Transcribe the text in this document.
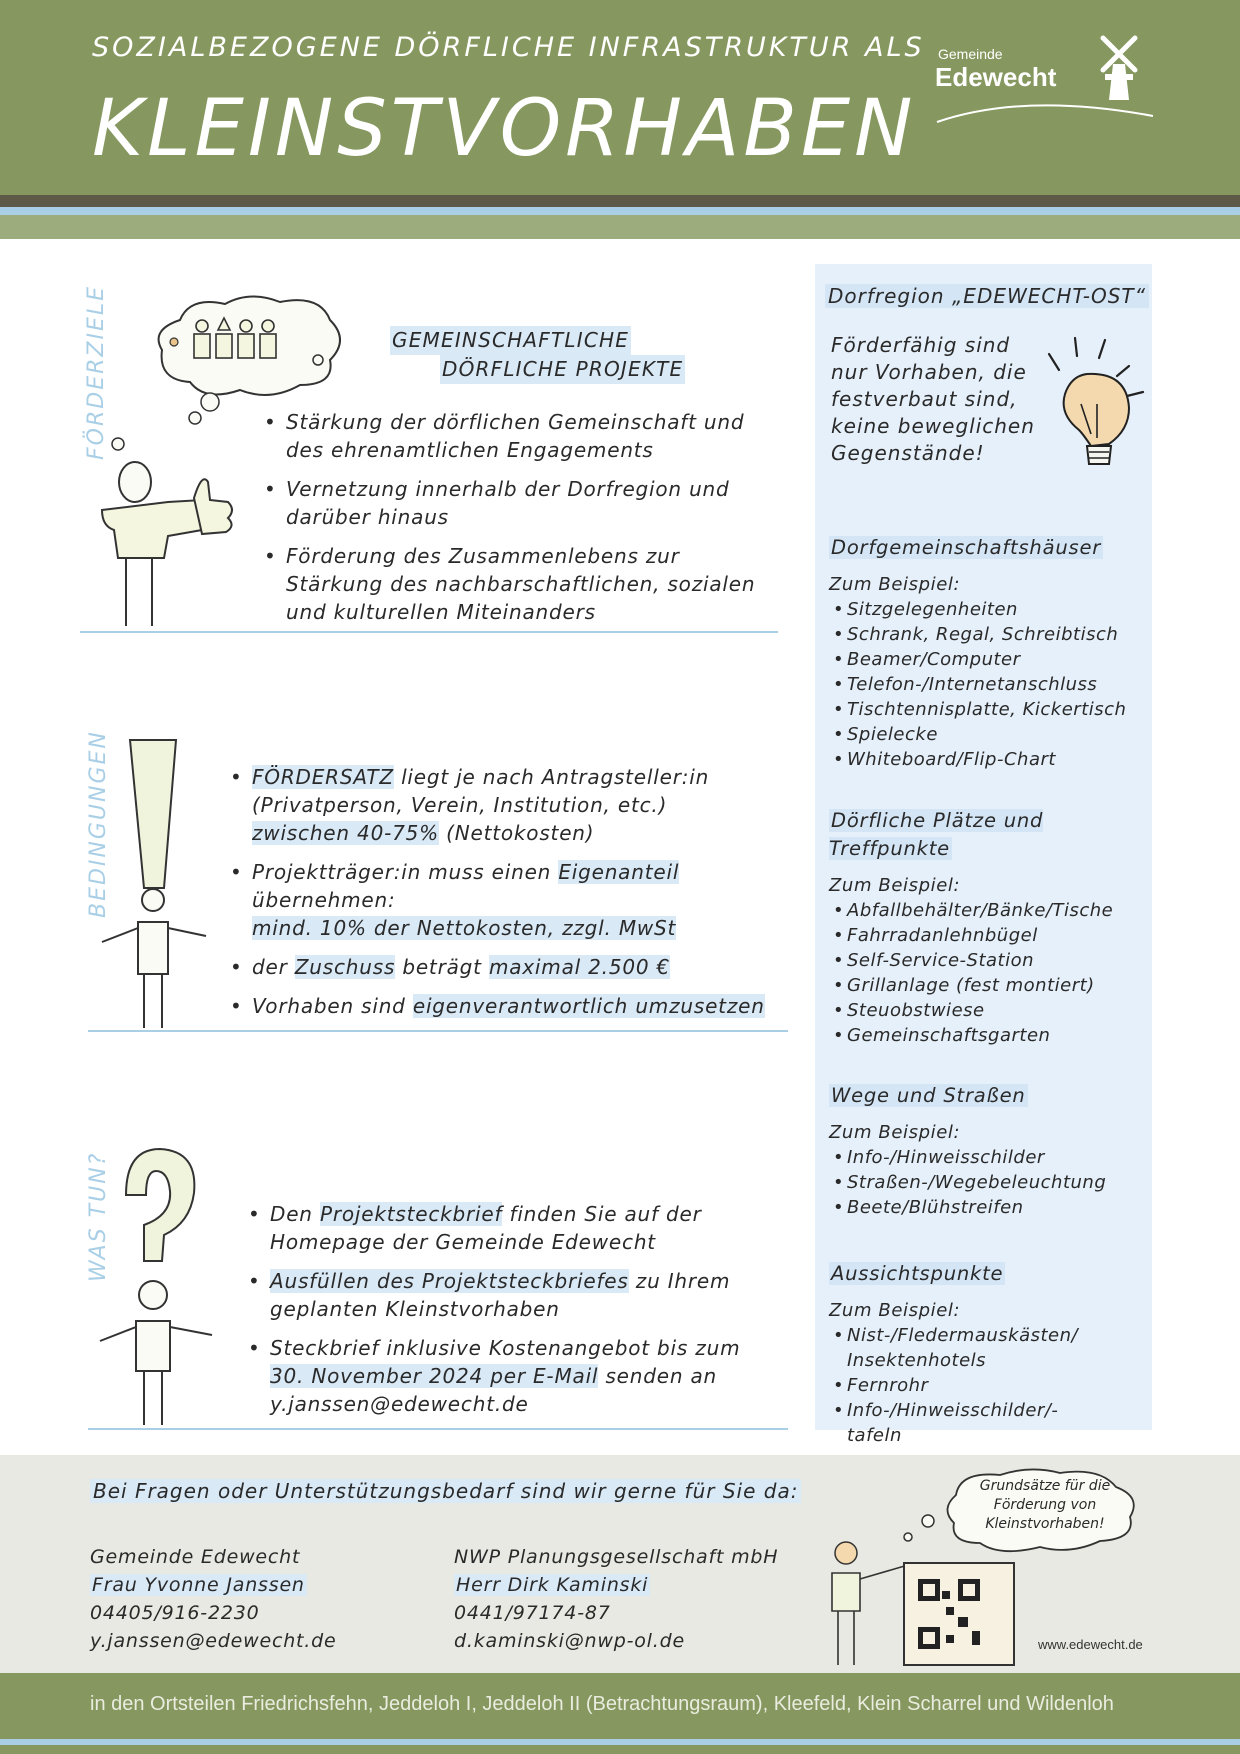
SOZIALBEZOGENE DÖRFLICHE INFRASTRUKTUR ALS
KLEINSTVORHABEN
Gemeinde
Edewecht
FÖRDERZIELE	GEMEINSCHAFTLICHE
DÖRFLICHE PROJEKTE
• Stärkung der dörflichen Gemeinschaft und des ehrenamtlichen Engagements
• Vernetzung innerhalb der Dorfregion und darüber hinaus
• Förderung des Zusammenlebens zur Stärkung des nachbarschaftlichen, sozialen und kulturellen Miteinanders
BEDINGUNGEN	• FÖRDERSATZ liegt je nach Antragsteller:in (Privatperson, Verein, Institution, etc.) zwischen 40-75% (Nettokosten)
• Projektträger:in muss einen Eigenanteil übernehmen:
mind. 10% der Nettokosten, zzgl. MwSt
• der Zuschuss beträgt maximal 2.500 €
• Vorhaben sind eigenverantwortlich umzusetzen
WAS TUN?	• Den Projektsteckbrief finden Sie auf der Homepage der Gemeinde Edewecht
• Ausfüllen des Projektsteckbriefes zu Ihrem geplanten Kleinstvorhaben
• Steckbrief inklusive Kostenangebot bis zum 30. November 2024 per E-Mail senden an y.janssen@edewecht.de
Dorfregion „EDEWECHT-OST“
Förderfähig sind nur Vorhaben, die festverbaut sind, keine beweglichen Gegenstände!
Dorfgemeinschaftshäuser
Zum Beispiel:
• Sitzgelegenheiten
• Schrank, Regal, Schreibtisch
• Beamer/Computer
• Telefon-/Internetanschluss
• Tischtennisplatte, Kickertisch
• Spielecke
• Whiteboard/Flip-Chart
Dörfliche Plätze und Treffpunkte
Zum Beispiel:
• Abfallbehälter/Bänke/Tische
• Fahrradanlehnbügel
• Self-Service-Station
• Grillanlage (fest montiert)
• Steuobstwiese
• Gemeinschaftsgarten
Wege und Straßen
Zum Beispiel:
• Info-/Hinweisschilder
• Straßen-/Wegebeleuchtung
• Beete/Blühstreifen
Aussichtspunkte
Zum Beispiel:
• Nist-/Fledermauskästen/ Insektenhotels
• Fernrohr
• Info-/Hinweisschilder/-tafeln
Bei Fragen oder Unterstützungsbedarf sind wir gerne für Sie da:
Gemeinde Edewecht
Frau Yvonne Janssen
04405/916-2230
y.janssen@edewecht.de
NWP Planungsgesellschaft mbH
Herr Dirk Kaminski
0441/97174-87
d.kaminski@nwp-ol.de
Grundsätze für die Förderung von Kleinstvorhaben!
www.edewecht.de
in den Ortsteilen Friedrichsfehn, Jeddeloh I, Jeddeloh II (Betrachtungsraum), Kleefeld, Klein Scharrel und Wildenloh
